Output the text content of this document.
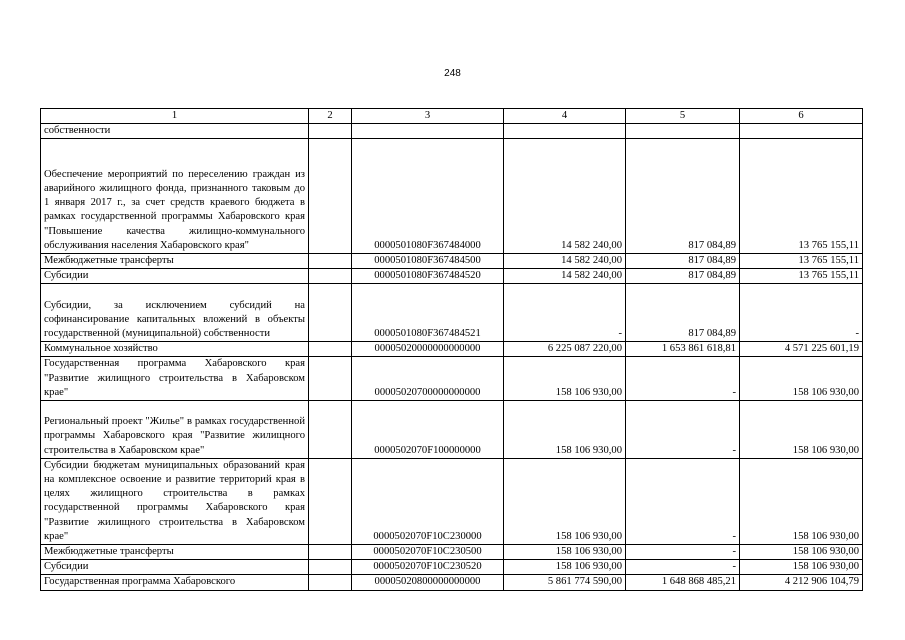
248
1	2	3	4	5	6
собственности					
Обеспечение мероприятий по переселению граждан из аварийного жилищного фонда, признанного таковым до 1 января 2017 г., за счет средств краевого бюджета в рамках государственной программы Хабаровского края "Повышение качества жилищно-коммунального обслуживания населения Хабаровского края"		0000501080F367484000	14 582 240,00	817 084,89	13 765 155,11
Межбюджетные трансферты		0000501080F367484500	14 582 240,00	817 084,89	13 765 155,11
Субсидии		0000501080F367484520	14 582 240,00	817 084,89	13 765 155,11
Субсидии, за исключением субсидий на софинансирование капитальных вложений в объекты государственной (муниципальной) собственности		0000501080F367484521	-	817 084,89	-
Коммунальное хозяйство		00005020000000000000	6 225 087 220,00	1 653 861 618,81	4 571 225 601,19
Государственная программа Хабаровского края "Развитие жилищного строительства в Хабаровском крае"		00005020700000000000	158 106 930,00	-	158 106 930,00
Региональный проект "Жилье" в рамках государственной программы Хабаровского края "Развитие жилищного строительства в Хабаровском крае"		0000502070F100000000	158 106 930,00	-	158 106 930,00
Субсидии бюджетам муниципальных образований края на комплексное освоение и развитие территорий края в целях жилищного строительства в рамках государственной программы Хабаровского края "Развитие жилищного строительства в Хабаровском крае"		0000502070F10C230000	158 106 930,00	-	158 106 930,00
Межбюджетные трансферты		0000502070F10C230500	158 106 930,00	-	158 106 930,00
Субсидии		0000502070F10C230520	158 106 930,00	-	158 106 930,00
Государственная программа Хабаровского		00005020800000000000	5 861 774 590,00	1 648 868 485,21	4 212 906 104,79
